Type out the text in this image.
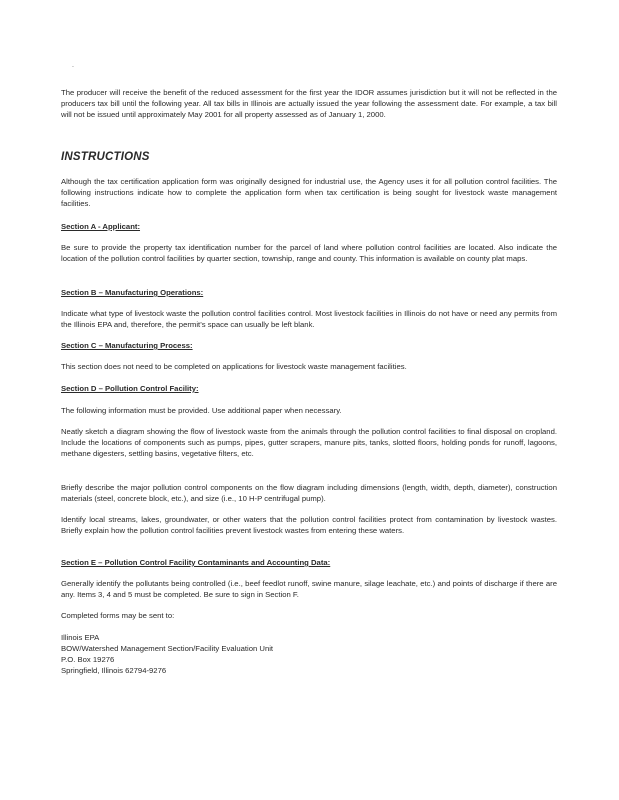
.

The producer will receive the benefit of the reduced assessment for the first year the IDOR assumes jurisdiction but it will not be reflected in the producers tax bill until the following year. All tax bills in Illinois are actually issued the year following the assessment date. For example, a tax bill will not be issued until approximately May 2001 for all property assessed as of January 1, 2000.

INSTRUCTIONS

Although the tax certification application form was originally designed for industrial use, the Agency uses it for all pollution control facilities. The following instructions indicate how to complete the application form when tax certification is being sought for livestock waste management facilities.

Section A - Applicant:

Be sure to provide the property tax identification number for the parcel of land where pollution control facilities are located. Also indicate the location of the pollution control facilities by quarter section, township, range and county. This information is available on county plat maps.

Section B – Manufacturing Operations:

Indicate what type of livestock waste the pollution control facilities control. Most livestock facilities in Illinois do not have or need any permits from the Illinois EPA and, therefore, the permit’s space can usually be left blank.

Section C – Manufacturing Process:

This section does not need to be completed on applications for livestock waste management facilities.

Section D – Pollution Control Facility:

The following information must be provided. Use additional paper when necessary.

Neatly sketch a diagram showing the flow of livestock waste from the animals through the pollution control facilities to final disposal on cropland. Include the locations of components such as pumps, pipes, gutter scrapers, manure pits, tanks, slotted floors, holding ponds for runoff, lagoons, methane digesters, settling basins, vegetative filters, etc.

Briefly describe the major pollution control components on the flow diagram including dimensions (length, width, depth, diameter), construction materials (steel, concrete block, etc.), and size (i.e., 10 H-P centrifugal pump).

Identify local streams, lakes, groundwater, or other waters that the pollution control facilities protect from contamination by livestock wastes. Briefly explain how the pollution control facilities prevent livestock wastes from entering these waters.

Section E – Pollution Control Facility Contaminants and Accounting Data:

Generally identify the pollutants being controlled (i.e., beef feedlot runoff, swine manure, silage leachate, etc.) and points of discharge if there are any. Items 3, 4 and 5 must be completed. Be sure to sign in Section F.

Completed forms may be sent to:

Illinois EPA
BOW/Watershed Management Section/Facility Evaluation Unit
P.O. Box 19276
Springfield, Illinois 62794-9276
